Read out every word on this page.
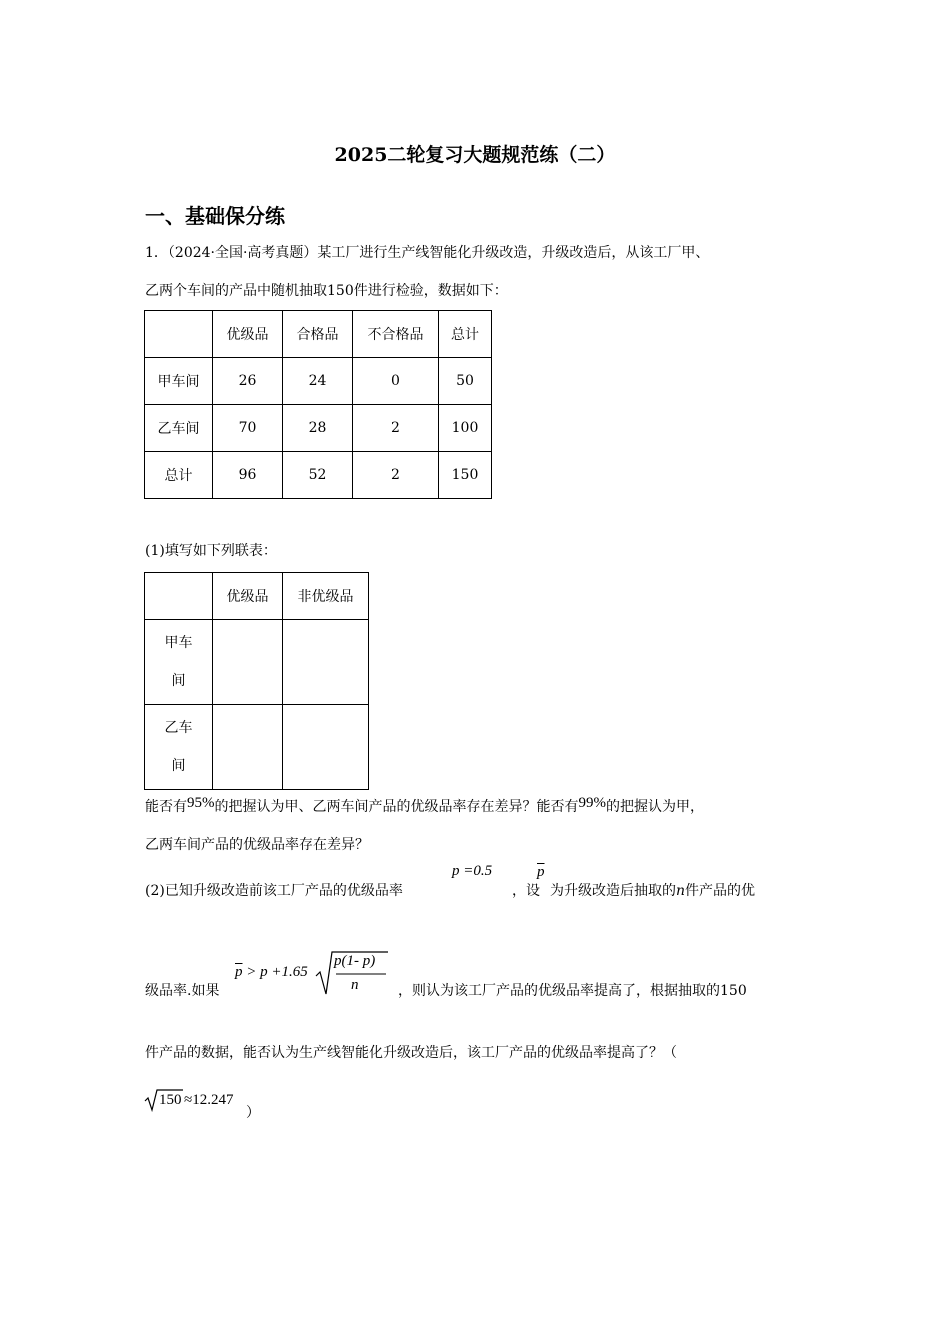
2025二轮复习大题规范练（二）
一、基础保分练
1．（2024·全国·高考真题）某工厂进行生产线智能化升级改造，升级改造后，从该工厂甲、
乙两个车间的产品中随机抽取150件进行检验，数据如下：
	优级品	合格品	不合格品	总计
甲车间	26	24	0	50
乙车间	70	28	2	100
总计	96	52	2	150
(1)填写如下列联表：
	优级品	非优级品

甲车
间		

乙车
间		

能否有95%的把握认为甲、乙两车间产品的优级品率存在差异？能否有99%的把握认为甲，
乙两车间产品的优级品率存在差异？
(2)已知升级改造前该工厂产品的优级品率
p =0.5
，设
$\overline{p}$
为升级改造后抽取的n件产品的优
级品率.如果
$\overline{p} > p +1.65$
p(1- p)
n	，则认为该工厂产品的优级品率提高了，根据抽取的150
件产品的数据，能否认为生产线智能化升级改造后，该工厂产品的优级品率提高了？（
150 ≈12.247
）
